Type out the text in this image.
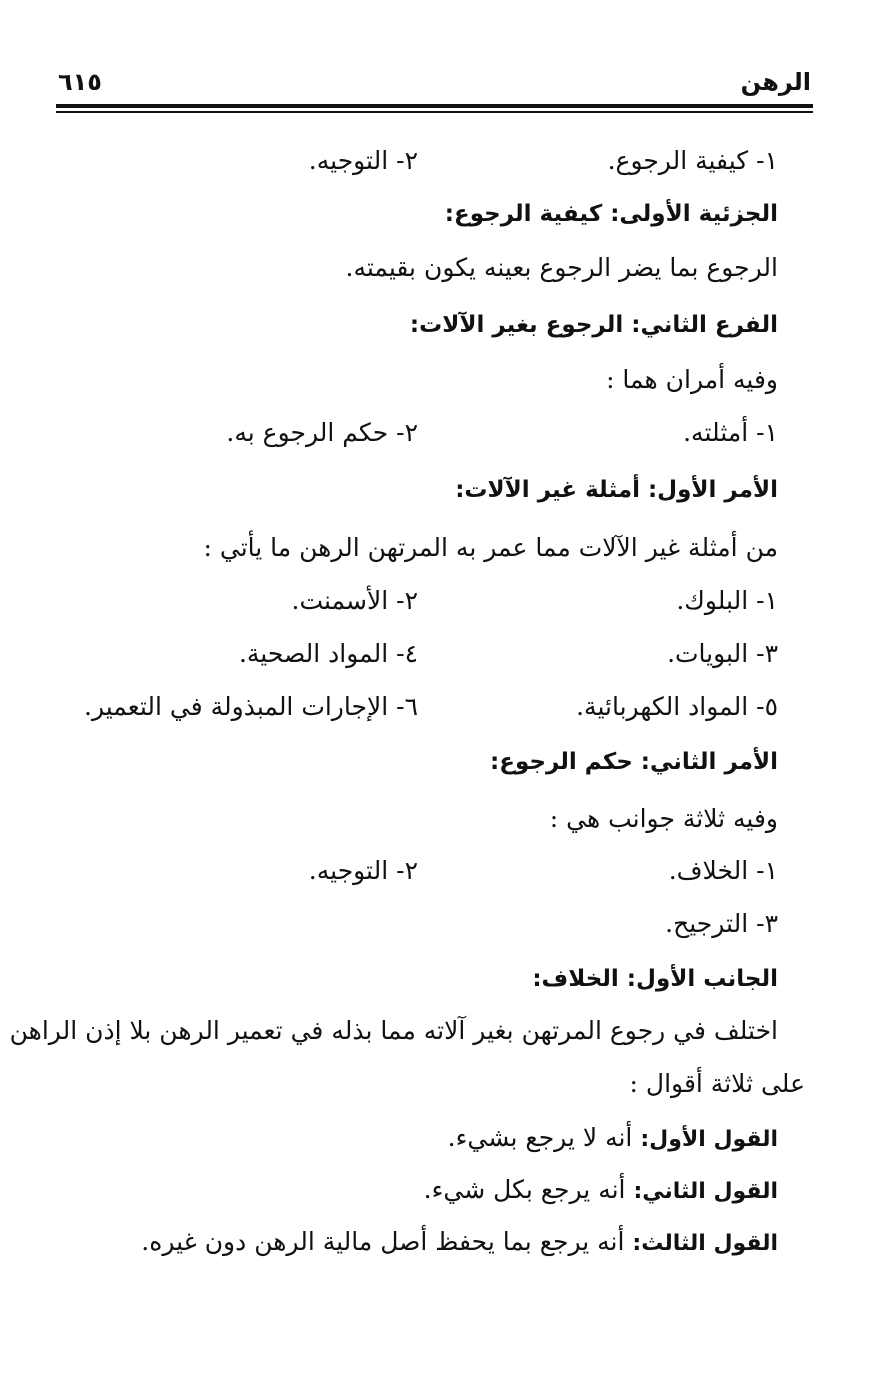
الرهن
٦١٥
١- كيفية الرجوع.
٢- التوجيه.
الجزئية الأولى: كيفية الرجوع:
الرجوع بما يضر الرجوع بعينه يكون بقيمته.
الفرع الثاني: الرجوع بغير الآلات:
وفيه أمران هما :
١- أمثلته.
٢- حكم الرجوع به.
الأمر الأول: أمثلة غير الآلات:
من أمثلة غير الآلات مما عمر به المرتهن الرهن ما يأتي :
١- البلوك.
٢- الأسمنت.
٣- البويات.
٤- المواد الصحية.
٥- المواد الكهربائية.
٦- الإجارات المبذولة في التعمير.
الأمر الثاني: حكم الرجوع:
وفيه ثلاثة جوانب هي :
١- الخلاف.
٢- التوجيه.
٣- الترجيح.
الجانب الأول: الخلاف:
اختلف في رجوع المرتهن بغير آلاته مما بذله في تعمير الرهن بلا إذن الراهن
على ثلاثة أقوال :
القول الأول: أنه لا يرجع بشيء.
القول الثاني: أنه يرجع بكل شيء.
القول الثالث: أنه يرجع بما يحفظ أصل مالية الرهن دون غيره.
